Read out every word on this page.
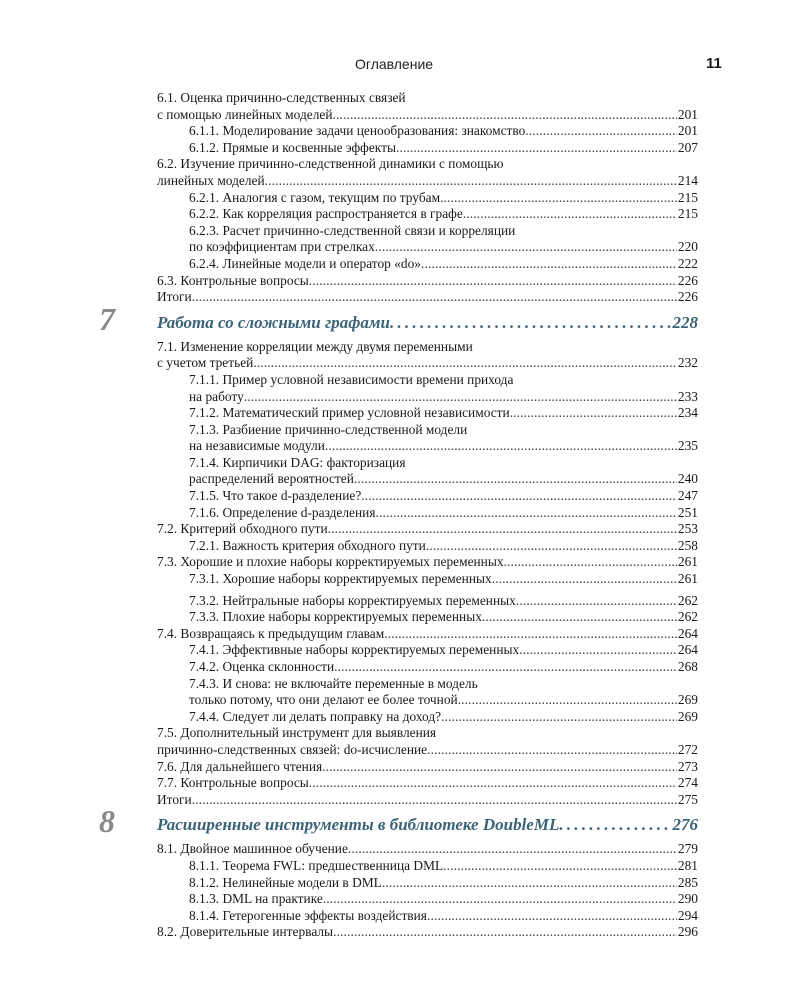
Оглавление	11
6.1. Оценка причинно-следственных связей
с помощью линейных моделей . . .	201
6.1.1. Моделирование задачи ценообразования: знакомство . . .	201
6.1.2. Прямые и косвенные эффекты . . .	207
6.2. Изучение причинно-следственной динамики с помощью
линейных моделей . . .	214
6.2.1. Аналогия с газом, текущим по трубам . . .	215
6.2.2. Как корреляция распространяется в графе . . .	215
6.2.3. Расчет причинно-следственной связи и корреляции
по коэффициентам при стрелках . . .	220
6.2.4. Линейные модели и оператор «do» . . .	222
6.3. Контрольные вопросы . . .	226
Итоги . . .	226
7 Работа со сложными графами . . .	228
7.1. Изменение корреляции между двумя переменными
с учетом третьей . . .	232
7.1.1. Пример условной независимости времени прихода
на работу . . .	233
7.1.2. Математический пример условной независимости . . .	234
7.1.3. Разбиение причинно-следственной модели
на независимые модули . . .	235
7.1.4. Кирпичики DAG: факторизация
распределений вероятностей . . .	240
7.1.5. Что такое d-разделение? . . .	247
7.1.6. Определение d-разделения . . .	251
7.2. Критерий обходного пути . . .	253
7.2.1. Важность критерия обходного пути . . .	258
7.3. Хорошие и плохие наборы корректируемых переменных . . .	261
7.3.1. Хорошие наборы корректируемых переменных . . .	261
7.3.2. Нейтральные наборы корректируемых переменных . . .	262
7.3.3. Плохие наборы корректируемых переменных . . .	262
7.4. Возвращаясь к предыдущим главам . . .	264
7.4.1. Эффективные наборы корректируемых переменных . . .	264
7.4.2. Оценка склонности . . .	268
7.4.3. И снова: не включайте переменные в модель
только потому, что они делают ее более точной . . .	269
7.4.4. Следует ли делать поправку на доход? . . .	269
7.5. Дополнительный инструмент для выявления
причинно-следственных связей: do-исчисление . . .	272
7.6. Для дальнейшего чтения . . .	273
7.7. Контрольные вопросы . . .	274
Итоги . . .	275
8 Расширенные инструменты в библиотеке DoubleML . . .	276
8.1. Двойное машинное обучение . . .	279
8.1.1. Теорема FWL: предшественница DML . . .	281
8.1.2. Нелинейные модели в DML . . .	285
8.1.3. DML на практике . . .	290
8.1.4. Гетерогенные эффекты воздействия . . .	294
8.2. Доверительные интервалы . . .	296
